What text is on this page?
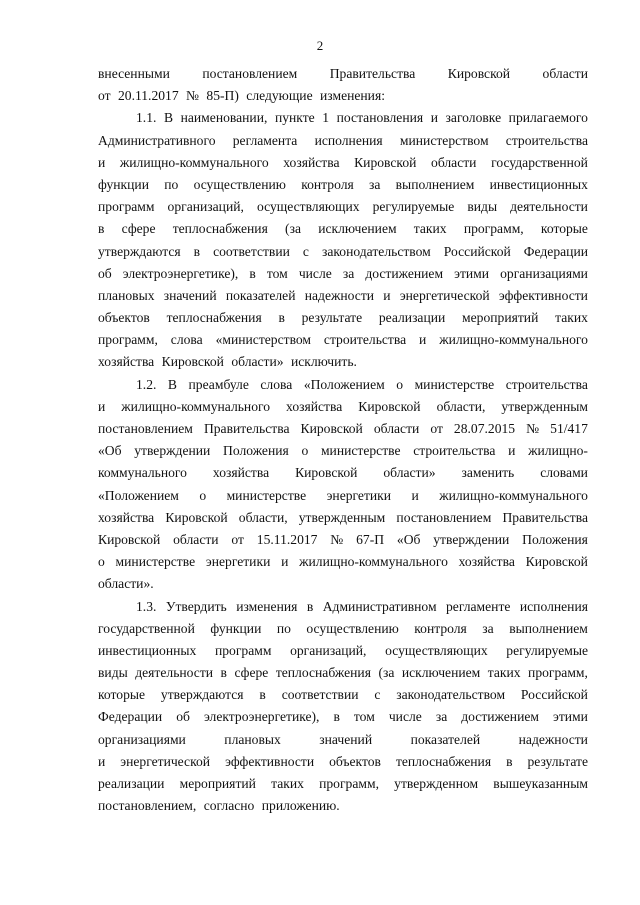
2
внесенными постановлением Правительства Кировской области
от 20.11.2017 № 85-П) следующие изменения:
1.1. В наименовании, пункте 1 постановления и заголовке прилагаемого
Административного регламента исполнения министерством строительства
и жилищно-коммунального хозяйства Кировской области государственной
функции по осуществлению контроля за выполнением инвестиционных
программ организаций, осуществляющих регулируемые виды деятельности
в сфере теплоснабжения (за исключением таких программ, которые
утверждаются в соответствии с законодательством Российской Федерации
об электроэнергетике), в том числе за достижением этими организациями
плановых значений показателей надежности и энергетической эффективности
объектов теплоснабжения в результате реализации мероприятий таких
программ, слова «министерством строительства и жилищно-коммунального
хозяйства Кировской области» исключить.
1.2. В преамбуле слова «Положением о министерстве строительства
и жилищно-коммунального хозяйства Кировской области, утвержденным
постановлением Правительства Кировской области от 28.07.2015 № 51/417
«Об утверждении Положения о министерстве строительства и жилищно-
коммунального хозяйства Кировской области» заменить словами
«Положением о министерстве энергетики и жилищно-коммунального
хозяйства Кировской области, утвержденным постановлением Правительства
Кировской области от 15.11.2017 № 67-П «Об утверждении Положения
о министерстве энергетики и жилищно-коммунального хозяйства Кировской
области».
1.3. Утвердить изменения в Административном регламенте исполнения
государственной функции по осуществлению контроля за выполнением
инвестиционных программ организаций, осуществляющих регулируемые
виды деятельности в сфере теплоснабжения (за исключением таких программ,
которые утверждаются в соответствии с законодательством Российской
Федерации об электроэнергетике), в том числе за достижением этими
организациями	плановых	значений	показателей	надежности
и энергетической эффективности объектов теплоснабжения в результате
реализации мероприятий таких программ, утвержденном вышеуказанным
постановлением, согласно приложению.
